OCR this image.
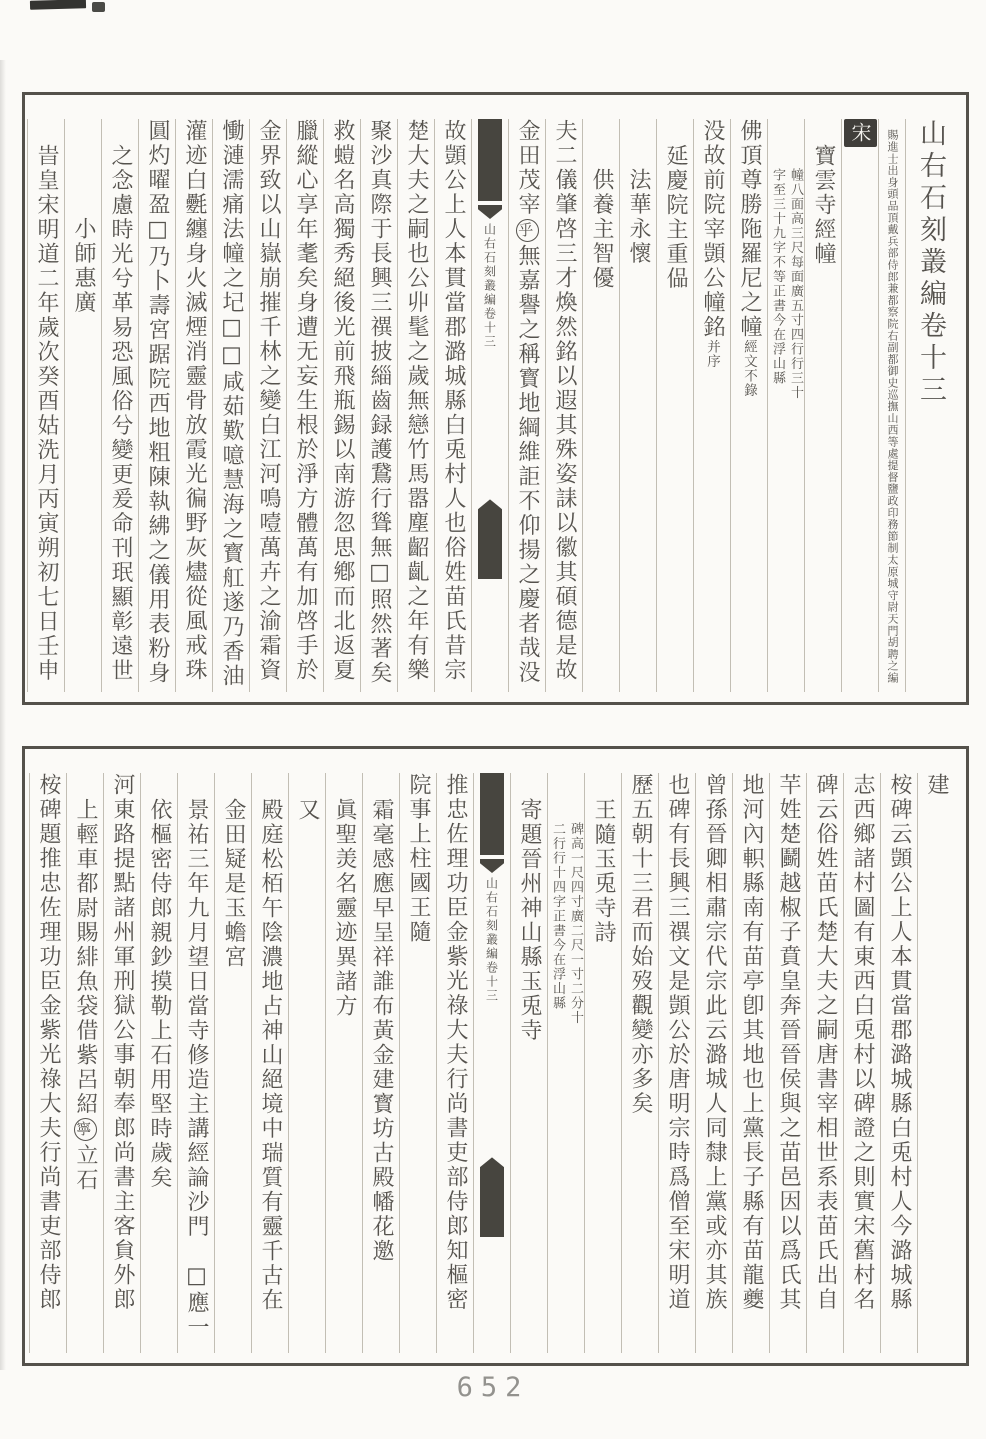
山右石刻叢編卷十三
賜進士出身頭品頂戴兵部侍郎兼都察院右副都御史巡撫山西等處提督鹽政印務節制太原城守尉天門胡聘之編
宋
寶雲寺經幢
幢八面高三尺每面廣五寸四行行三十
字至三十九字不等正書今在浮山縣
佛頂尊勝陁羅尼之幢經文不錄
没故前院宰顗公幢銘并序
延慶院主重偘
法華永懷
供養主智優
夫二儀肇啓三才煥然銘以遐其殊姿誄以徽其碩德是故
金田茂宰乎無嘉譽之稱寳地綱維詎不仰揚之慶者哉没
山右石刻叢編卷十三
故顗公上人本貫當郡潞城縣白兎村人也俗姓苗氏昔宗
楚大夫之嗣也公丱髦之歲無戀竹馬嚣塵齠齓之年有樂
聚沙真際于長興三禩披緇齒録護鵞行聳無□照然著矣
救螘名高獨秀絕後光前飛瓶錫以南游忽思鄕而北返夏
臘縱心享年耄矣身遭无妄生根於淨方體萬有加啓手於
金界致以山嶽崩摧千林之變白江河鳴噎萬卉之渝霜資
慟漣濡痛法幢之圮□□咸茹歎噫慧海之寳舡遂乃香油
灌迹白氎纏身火滅煙消靈骨放霞光徧野灰燼從風戒珠
圓灼曜盈□乃卜壽宮踞院西地粗陳執紼之儀用表粉身
之念慮時光兮革易恐風俗兮變更爰命刊珉顯彰遠世
小師惠廣
旹皇宋明道二年歲次癸酉姑洗月丙寅朔初七日壬申
建
桉碑云顗公上人本貫當郡潞城縣白兎村人今潞城縣
志西鄉諸村圖有東西白兎村以碑證之則實宋舊村名
碑云俗姓苗氏楚大夫之嗣唐書宰相世系表苗氏出自
芉姓楚鬬越椒子賁皇奔晉晉侯與之苗邑因以爲氏其
地河內軹縣南有苗亭卽其地也上黨長子縣有苗龍夔
曾孫晉卿相肅宗代宗此云潞城人同隸上黨或亦其族
也碑有長興三禩文是顗公於唐明宗時爲僧至宋明道
歷五朝十三君而始歿觀變亦多矣
王隨玉兎寺詩
碑高一尺四寸廣二尺一寸二分十
二行行十四字正書今在浮山縣
寄題晉州神山縣玉兎寺
山右石刻叢編卷十三
推忠佐理功臣金紫光祿大夫行尚書吏部侍郎知樞密
院事上柱國王隨
霜毫感應早呈祥誰布黃金建寳坊古殿幡花邀
眞聖羙名靈迹異諸方
又
殿庭松栢午陰濃地占神山絕境中瑞質有靈千古在
金田疑是玉蟾宮
景祐三年九月望日當寺修造主講經論沙門　□應一
依樞密侍郎親鈔摸勒上石用堅時歲矣
河東路提點諸州軍刑獄公事朝奉郎尚書主客貟外郎
上輕車都尉賜緋魚袋借紫呂紹寧立石
桉碑題推忠佐理功臣金紫光祿大夫行尚書吏部侍郎
652
